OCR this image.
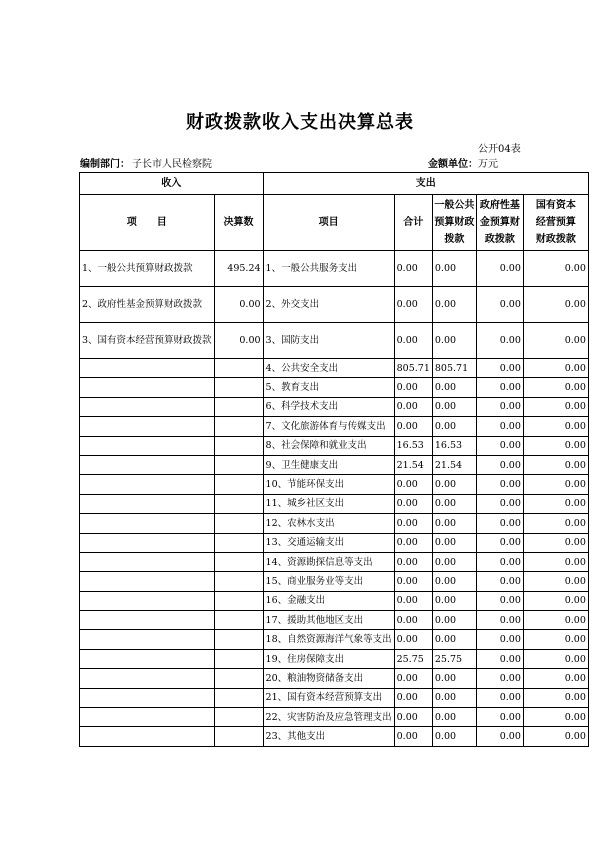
财政拨款收入支出决算总表
公开04表
编制部门： 子长市人民检察院	金额单位：万元
收入		支出				
项　　目	决算数	项目	合计	一般公共预算财政拨款	政府性基金预算财政拨款	国有资本经营预算财政拨款
1、一般公共预算财政拨款	495.24	1、一般公共服务支出	0.00	0.00	0.00	0.00
2、政府性基金预算财政拨款	0.00	2、外交支出	0.00	0.00	0.00	0.00
3、国有资本经营预算财政拨款	0.00	3、国防支出	0.00	0.00	0.00	0.00
		4、公共安全支出	805.71	805.71	0.00	0.00
		5、教育支出	0.00	0.00	0.00	0.00
		6、科学技术支出	0.00	0.00	0.00	0.00
		7、文化旅游体育与传媒支出	0.00	0.00	0.00	0.00
		8、社会保障和就业支出	16.53	16.53	0.00	0.00
		9、卫生健康支出	21.54	21.54	0.00	0.00
		10、节能环保支出	0.00	0.00	0.00	0.00
		11、城乡社区支出	0.00	0.00	0.00	0.00
		12、农林水支出	0.00	0.00	0.00	0.00
		13、交通运输支出	0.00	0.00	0.00	0.00
		14、资源勘探信息等支出	0.00	0.00	0.00	0.00
		15、商业服务业等支出	0.00	0.00	0.00	0.00
		16、金融支出	0.00	0.00	0.00	0.00
		17、援助其他地区支出	0.00	0.00	0.00	0.00
		18、自然资源海洋气象等支出	0.00	0.00	0.00	0.00
		19、住房保障支出	25.75	25.75	0.00	0.00
		20、粮油物资储备支出	0.00	0.00	0.00	0.00
		21、国有资本经营预算支出	0.00	0.00	0.00	0.00
		22、灾害防治及应急管理支出	0.00	0.00	0.00	0.00
		23、其他支出	0.00	0.00	0.00	0.00
